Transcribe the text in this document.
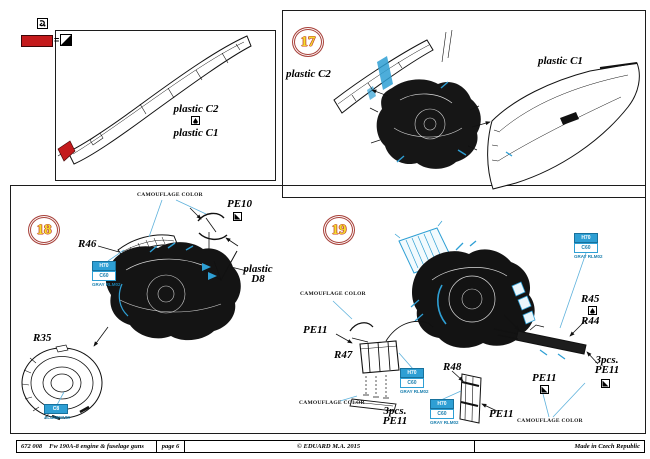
=
plastic C2
plastic C1
17
plastic C2
plastic C1
18
CAMOUFLAGE COLOR
PE10
R46
plastic
D8
R35
H70
C60
GRAY RLM02
C8
ALUMINIUM
19
CAMOUFLAGE COLOR
PE11
R47
H70
C60
GRAY RLM02
R48
H70
C60
GRAY RLM02
CAMOUFLAGE COLOR
3pcs.
PE11
H70
C60
GRAY RLM02
R45
R44
3pcs.
PE11
PE11
PE11
CAMOUFLAGE COLOR
672 008 Fw 190A-8 engine & fuselage guns	page 6	© EDUARD M.A. 2015	Made in Czech Republic
